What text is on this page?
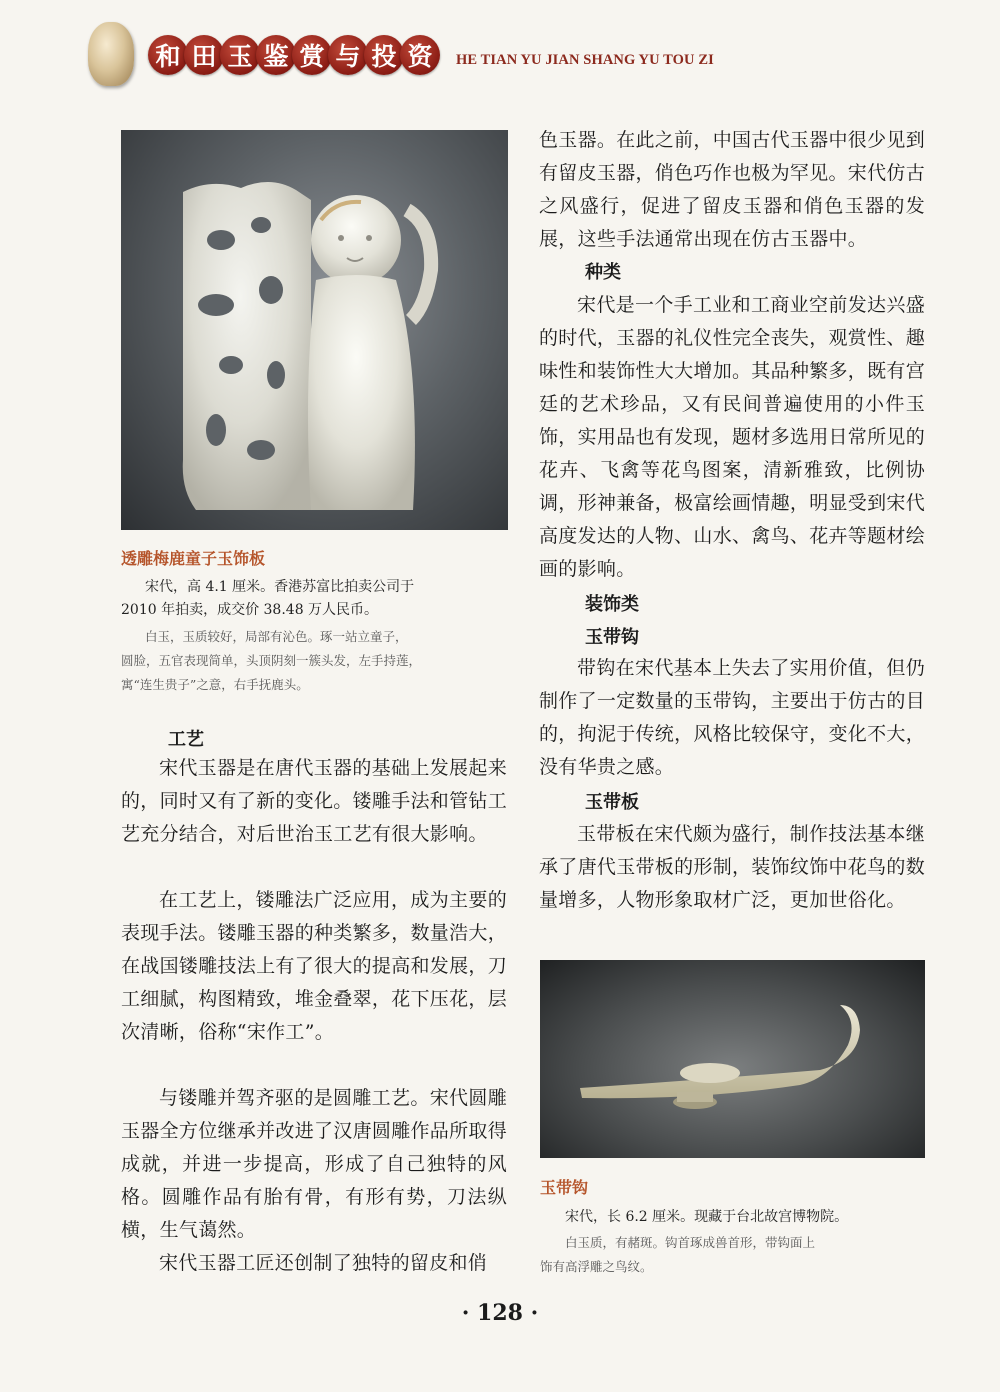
和 田 玉 鉴 赏 与 投 资	HE TIAN YU JIAN SHANG YU TOU ZI
透雕梅鹿童子玉饰板
宋代，高 4.1 厘米。香港苏富比拍卖公司于
2010 年拍卖，成交价 38.48 万人民币。
白玉，玉质较好，局部有沁色。琢一站立童子，
圆脸，五官表现简单，头顶阴刻一簇头发，左手持莲，
寓“连生贵子”之意，右手抚鹿头。
工艺
宋代玉器是在唐代玉器的基础上发展起来的，同时又有了新的变化。镂雕手法和管钻工艺充分结合，对后世治玉工艺有很大影响。
在工艺上，镂雕法广泛应用，成为主要的表现手法。镂雕玉器的种类繁多，数量浩大，在战国镂雕技法上有了很大的提高和发展，刀工细腻，构图精致，堆金叠翠，花下压花，层次清晰，俗称“宋作工”。
与镂雕并驾齐驱的是圆雕工艺。宋代圆雕玉器全方位继承并改进了汉唐圆雕作品所取得成就，并进一步提高，形成了自己独特的风格。圆雕作品有胎有骨，有形有势，刀法纵横，生气蔼然。
宋代玉器工匠还创制了独特的留皮和俏
色玉器。在此之前，中国古代玉器中很少见到有留皮玉器，俏色巧作也极为罕见。宋代仿古之风盛行，促进了留皮玉器和俏色玉器的发展，这些手法通常出现在仿古玉器中。
种类
宋代是一个手工业和工商业空前发达兴盛的时代，玉器的礼仪性完全丧失，观赏性、趣味性和装饰性大大增加。其品种繁多，既有宫廷的艺术珍品，又有民间普遍使用的小件玉饰，实用品也有发现，题材多选用日常所见的花卉、飞禽等花鸟图案，清新雅致，比例协调，形神兼备，极富绘画情趣，明显受到宋代高度发达的人物、山水、禽鸟、花卉等题材绘画的影响。
装饰类
玉带钩
带钩在宋代基本上失去了实用价值，但仍制作了一定数量的玉带钩，主要出于仿古的目的，拘泥于传统，风格比较保守，变化不大，没有华贵之感。
玉带板
玉带板在宋代颇为盛行，制作技法基本继承了唐代玉带板的形制，装饰纹饰中花鸟的数量增多，人物形象取材广泛，更加世俗化。
玉带钩
宋代，长 6.2 厘米。现藏于台北故宫博物院。
白玉质，有赭斑。钩首琢成兽首形，带钩面上
饰有高浮雕之鸟纹。
· 128 ·
